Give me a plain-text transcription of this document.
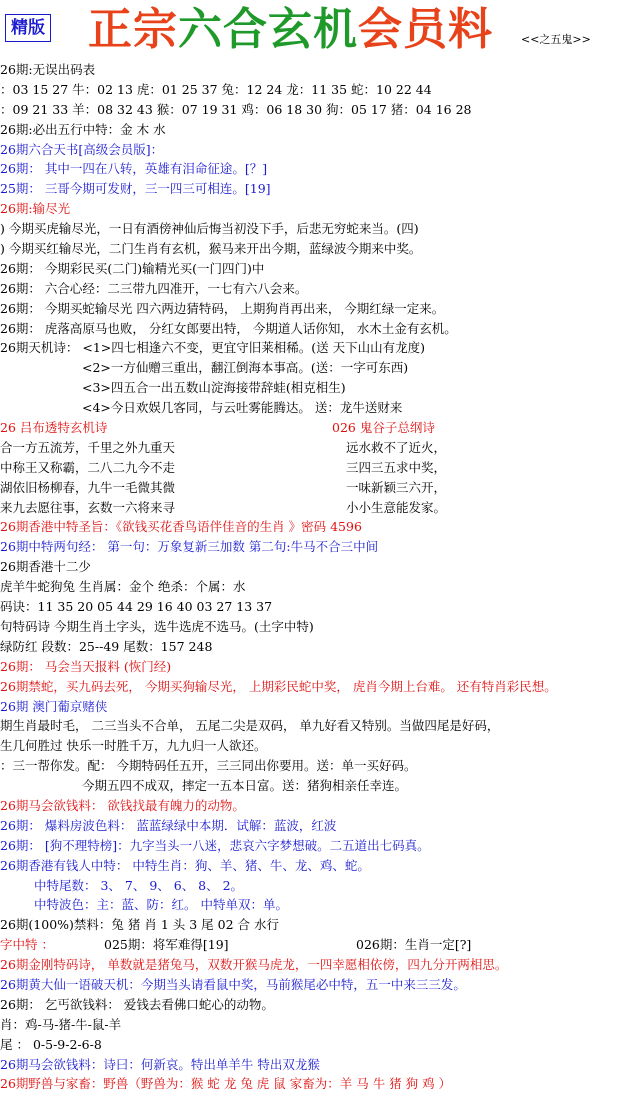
精版 正宗六合玄机会员料	<<之五鬼>>
26期:无误出码表
：03 15 27 牛：02 13 虎：01 25 37 兔：12 24 龙：11 35 蛇：10 22 44
：09 21 33 羊：08 32 43 猴：07 19 31 鸡：06 18 30 狗：05 17 猪：04 16 28
26期:必出五行中特：金 木 水
26期六合天书[高级会员版]：
26期： 其中一四在八转，英雄有泪命征途。[？]
25期： 三哥今期可发财，三一四三可相连。[19]
26期:输尽光
) 今期买虎输尽光，一日有酒傍神仙后悔当初没下手，后悲无穷蛇来当。(四)
) 今期买红输尽光，二门生肖有玄机，猴马来开出今期，蓝绿波今期来中奖。
26期： 今期彩民买(二门)输精光买(一门四门)中
26期： 六合心经：二三带九四准开，一七有六八会来。
26期： 今期买蛇输尽光 四六两边猜特码， 上期狗肖再出来， 今期红绿一定来。
26期： 虎落高原马也败， 分红女郎要出特， 今期道人话你知， 水木土金有玄机。
26期天机诗： <1>四七相逢六不变，更宜守旧莱相稀。(送 天下山山有龙度)
<2>一方仙赠三重出，翻江倒海本事高。(送：一字可东西)
<3>四五合一出五数山淀海接带辞蛙(相克相生)
<4>今日欢娱几客同，与云吐雾能腾达。 送：龙牛送财来
26 吕布透特玄机诗	026 鬼谷子总纲诗
合一方五流芳，千里之外九重天	远水救不了近火，
中称王又称霸，二八二九今不走	三四三五求中奖，
湖依旧杨柳春，九牛一毛微其微	一味新颖三六开，
来九去愿往事，玄数一六将来寻	小小生意能发家。
26期香港中特圣旨：《欲钱买花香鸟语伴佳音的生肖 》密码 4596
26期中特两句经： 第一句：万象复新三加数 第二句:牛马不合三中间
26期香港十二少
虎羊牛蛇狗兔 生肖属：金个 绝杀：个属：水
码诀：11 35 20 05 44 29 16 40 03 27 13 37
句特码诗 今期生肖土字头，选牛选虎不选马。(土字中特)
绿防红 段数：25--49 尾数：157 248
26期： 马会当天报料 (恢门经)
26期禁蛇，买九码去死， 今期买狗输尽光， 上期彩民蛇中奖， 虎肖今期上台难。 还有特肖彩民想。
26期 澳门葡京赌侠
期生肖最时毛， 二三当头不合单， 五尾二尖是双码， 单九好看又特别。当做四尾是好码，
生几何胜过 快乐一时胜千万，九九归一人欲还。
：三一帮你发。配： 今期特码任五开，三三同出你要用。送：单一买好码。
今期五四不成双，摔定一五本日富。送：猪狗相亲任幸连。
26期马会欲钱料： 欲钱找最有魄力的动物。
26期： 爆料房波色料： 蓝蓝绿绿中本期．试解：蓝波，红波
26期： [狗不理特榜]：九字当头一八迷，悲哀六字梦想破。二五道出七码真。
26期香港有钱人中特： 中特生肖：狗、羊、猪、牛、龙、鸡、蛇。
中特尾数： 3、 7、 9、 6、 8、 2。
中特波色：主：蓝、防：红。 中特单双：单。
26期(100%)禁料：兔 猪 肖 1 头 3 尾 02 合 水行
字中特 ：	025期：将军难得[19]	026期：生肖一定[?]
26期金刚特码诗， 单数就是猪兔马，双数开猴马虎龙，一四幸愿相依傍，四九分开两相思。
26期黄大仙一语破天机：今期当头请看鼠中奖，马前猴尾必中特，五一中来三三发。
26期： 乞丐欲钱料： 爱钱去看佛口蛇心的动物。
肖：鸡-马-猪-牛-鼠-羊
尾 ： 0-5-9-2-6-8
26期马会欲钱料：诗曰：何新哀。特出单羊牛 特出双龙猴
26期野兽与家畜：野兽（野兽为：猴 蛇 龙 兔 虎 鼠 家畜为：羊 马 牛 猪 狗 鸡 ）
